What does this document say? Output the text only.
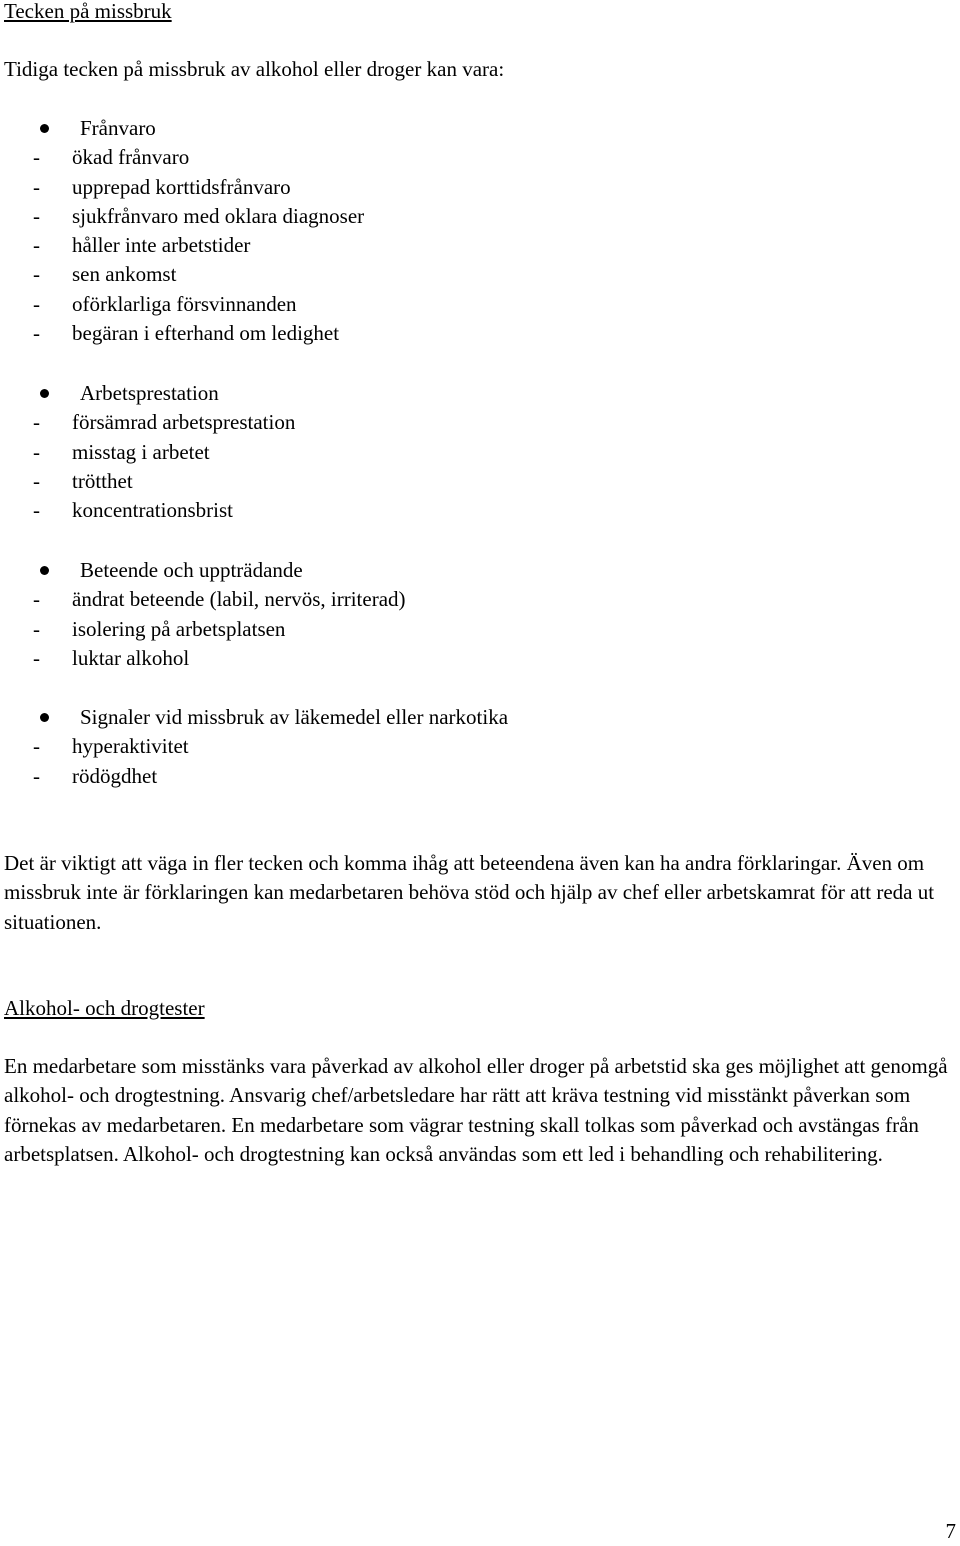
Tecken på missbruk

Tidiga tecken på missbruk av alkohol eller droger kan vara:

Frånvaro
- ökad frånvaro
- upprepad korttidsfrånvaro
- sjukfrånvaro med oklara diagnoser
- håller inte arbetstider
- sen ankomst
- oförklarliga försvinnanden
- begäran i efterhand om ledighet
Arbetsprestation
- försämrad arbetsprestation
- misstag i arbetet
- trötthet
- koncentrationsbrist
Beteende och uppträdande
- ändrat beteende (labil, nervös, irriterad)
- isolering på arbetsplatsen
- luktar alkohol
Signaler vid missbruk av läkemedel eller narkotika
- hyperaktivitet
- rödögdhet

Det är viktigt att väga in fler tecken och komma ihåg att beteendena även kan ha andra förklaringar. Även om missbruk inte är förklaringen kan medarbetaren behöva stöd och hjälp av chef eller arbetskamrat för att reda ut situationen.

Alkohol- och drogtester

En medarbetare som misstänks vara påverkad av alkohol eller droger på arbetstid ska ges möjlighet att genomgå alkohol- och drogtestning. Ansvarig chef/arbetsledare har rätt att kräva testning vid misstänkt påverkan som förnekas av medarbetaren. En medarbetare som vägrar testning skall tolkas som påverkad och avstängas från arbetsplatsen. Alkohol- och drogtestning kan också användas som ett led i behandling och rehabilitering.

7
